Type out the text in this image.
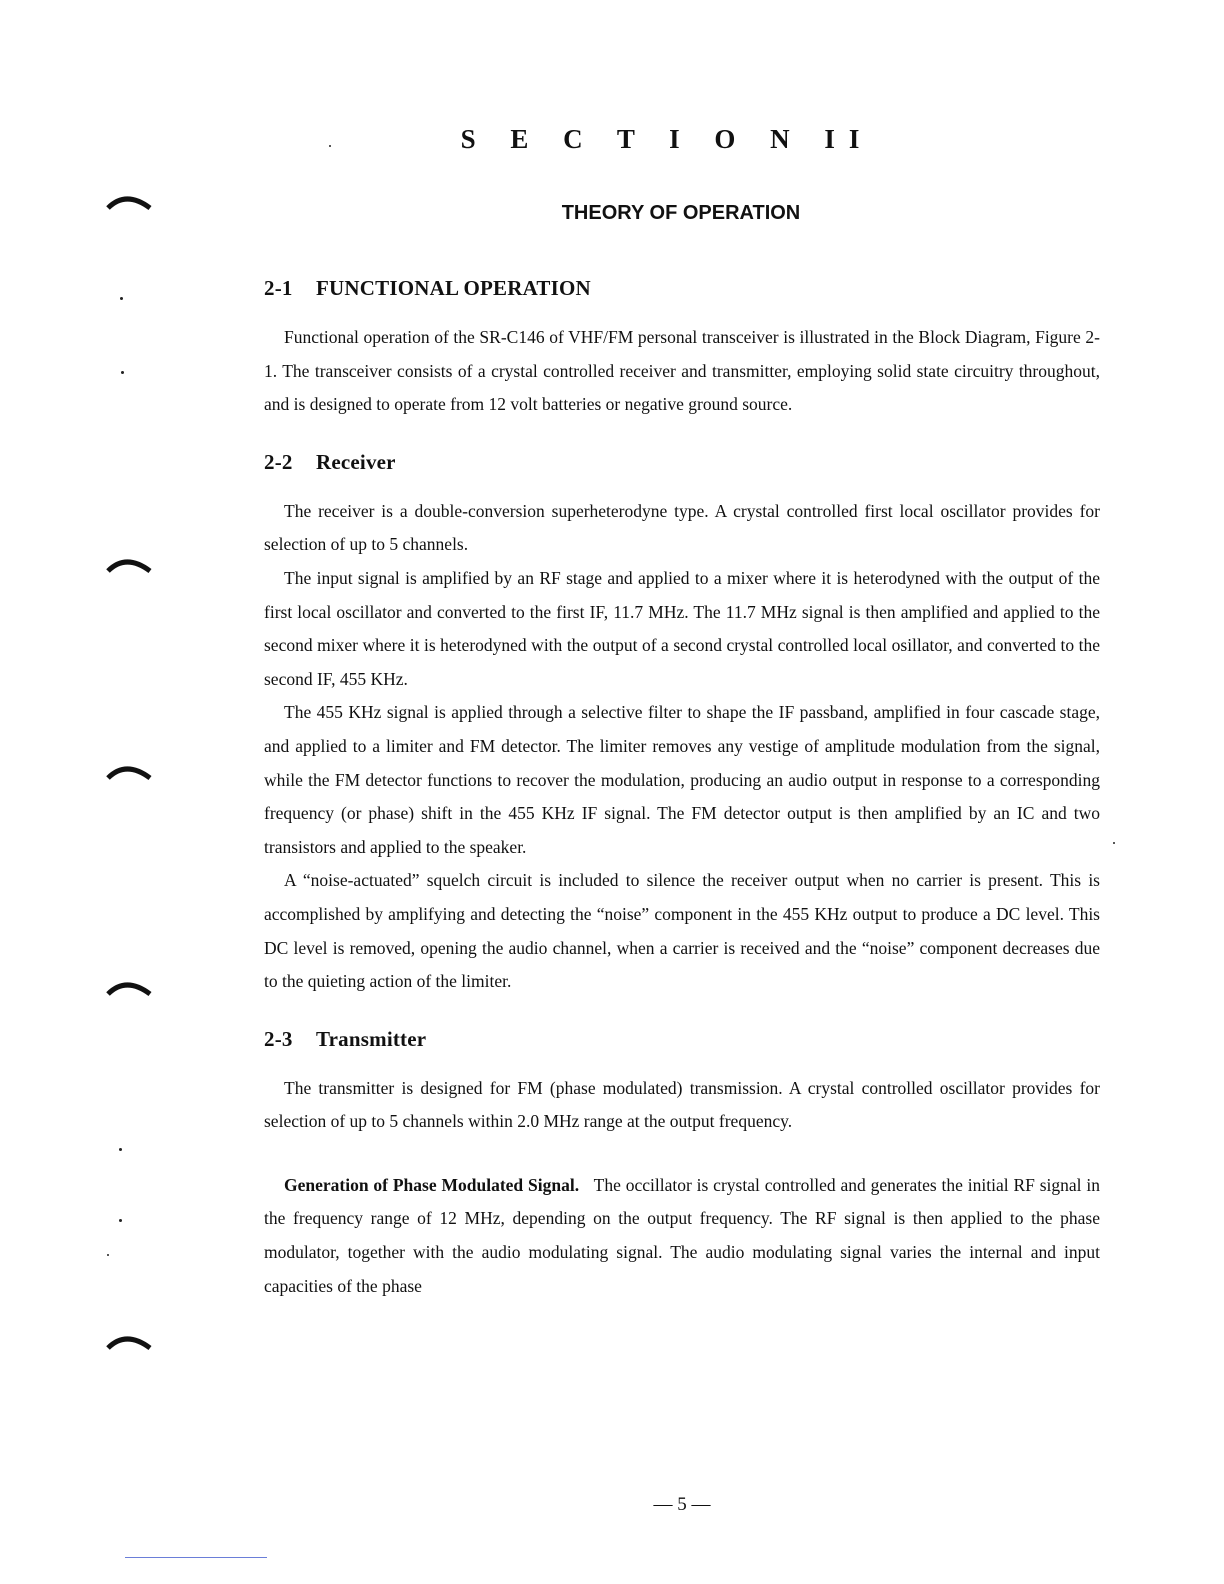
S E C T I O N II
THEORY OF OPERATION
2-1 FUNCTIONAL OPERATION

Functional operation of the SR-C146 of VHF/FM personal transceiver is illustrated in the Block Diagram, Figure 2-1. The transceiver consists of a crystal controlled receiver and transmitter, employing solid state circuitry throughout, and is designed to operate from 12 volt batteries or negative ground source.

2-2 Receiver

The receiver is a double-conversion superheterodyne type. A crystal controlled first local oscillator provides for selection of up to 5 channels.

The input signal is amplified by an RF stage and applied to a mixer where it is heterodyned with the output of the first local oscillator and converted to the first IF, 11.7 MHz. The 11.7 MHz signal is then amplified and applied to the second mixer where it is heterodyned with the output of a second crystal controlled local osillator, and converted to the second IF, 455 KHz.

The 455 KHz signal is applied through a selective filter to shape the IF passband, amplified in four cascade stage, and applied to a limiter and FM detector. The limiter removes any vestige of amplitude modulation from the signal, while the FM detector functions to recover the modulation, producing an audio output in response to a corresponding frequency (or phase) shift in the 455 KHz IF signal. The FM detector output is then amplified by an IC and two transistors and applied to the speaker.

A “noise-actuated” squelch circuit is included to silence the receiver output when no carrier is present. This is accomplished by amplifying and detecting the “noise” component in the 455 KHz output to produce a DC level. This DC level is removed, opening the audio channel, when a carrier is received and the “noise” component decreases due to the quieting action of the limiter.

2-3 Transmitter

The transmitter is designed for FM (phase modulated) transmission. A crystal controlled oscillator provides for selection of up to 5 channels within 2.0 MHz range at the output frequency.

Generation of Phase Modulated Signal. The occillator is crystal controlled and generates the initial RF signal in the frequency range of 12 MHz, depending on the output frequency. The RF signal is then applied to the phase modulator, together with the audio modulating signal. The audio modulating signal varies the internal and input capacities of the phase

— 5 —
